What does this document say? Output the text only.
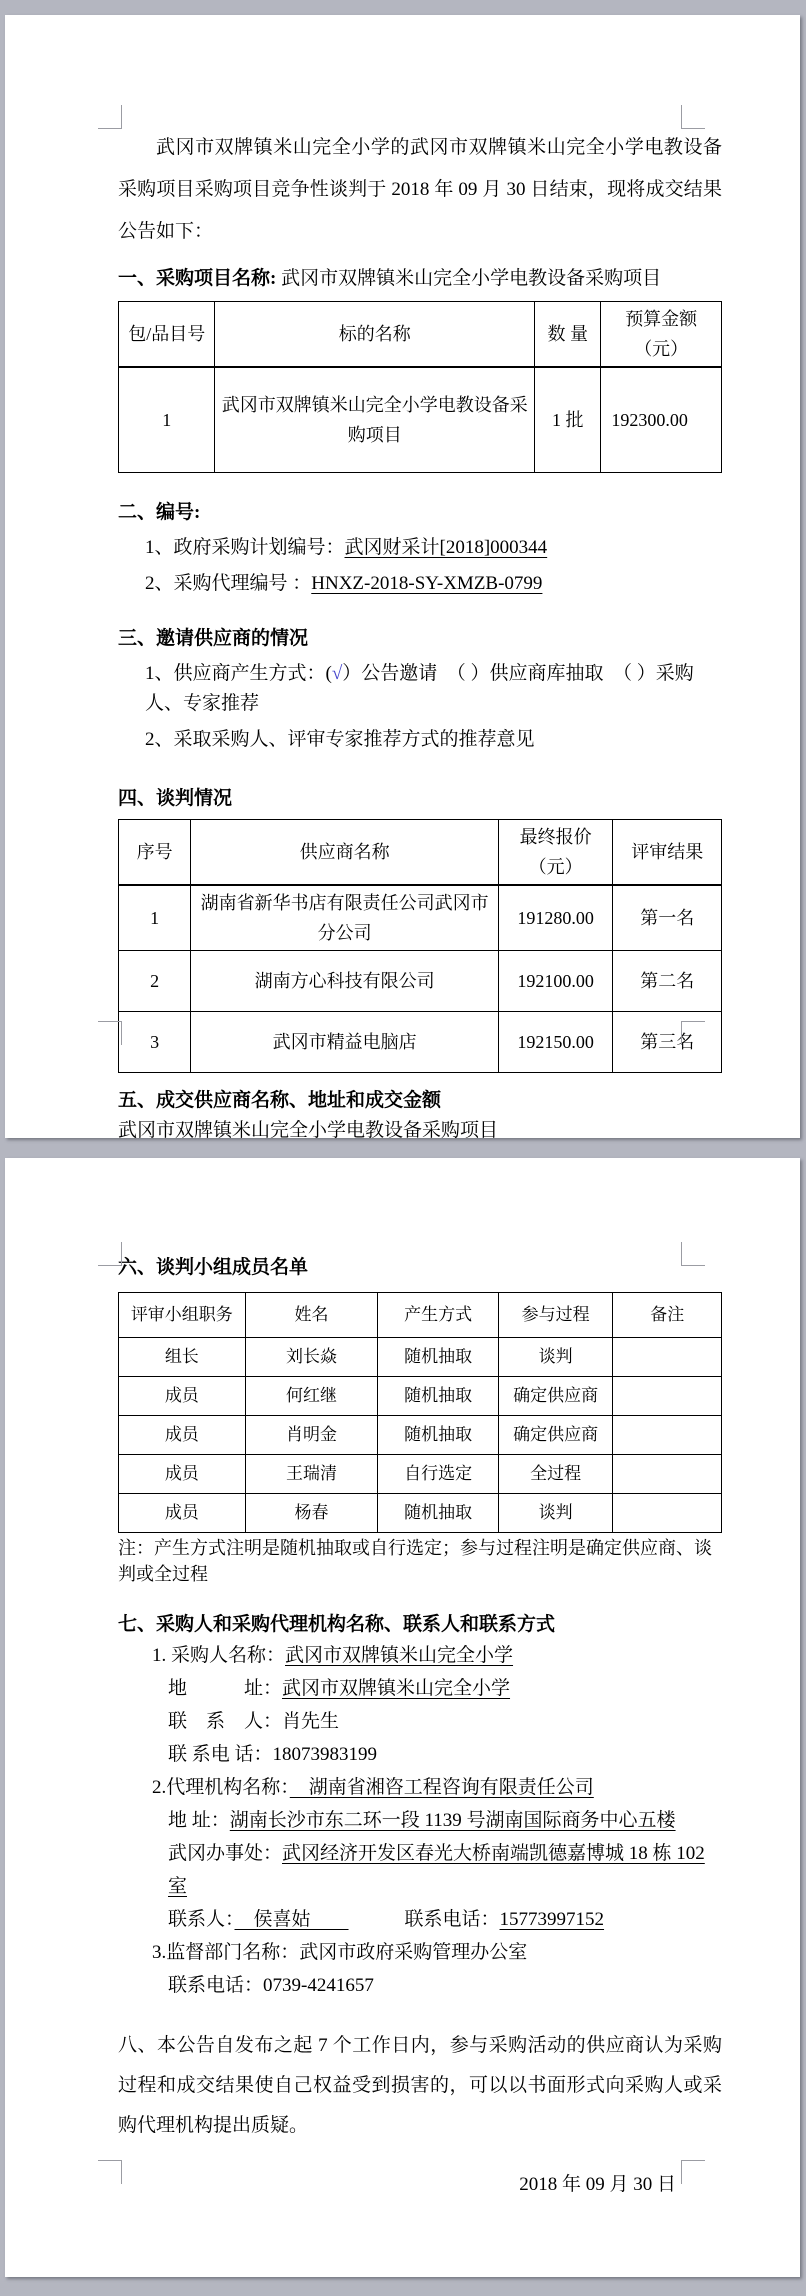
武冈市双牌镇米山完全小学的武冈市双牌镇米山完全小学电教设备采购项目采购项目竞争性谈判于 2018 年 09 月 30 日结束，现将成交结果公告如下：

一、采购项目名称: 武冈市双牌镇米山完全小学电教设备采购项目

包/品目号	标的名称	数 量	预算金额（元）
1	武冈市双牌镇米山完全小学电教设备采购项目	1 批	192300.00

二、编号:

1、政府采购计划编号：武冈财采计[2018]000344
2、采购代理编号 ：HNXZ-2018-SY-XMZB-0799

三、邀请供应商的情况

1、供应商产生方式：(√）公告邀请　（ ）供应商库抽取　（ ）采购人、专家推荐
2、采取采购人、评审专家推荐方式的推荐意见

四、谈判情况

序号	供应商名称	最终报价（元）	评审结果
1	湖南省新华书店有限责任公司武冈市分公司	191280.00	第一名
2	湖南方心科技有限公司	192100.00	第二名
3	武冈市精益电脑店	192150.00	第三名

五、成交供应商名称、地址和成交金额

武冈市双牌镇米山完全小学电教设备采购项目

六、谈判小组成员名单

评审小组职务	姓名	产生方式	参与过程	备注
组长	刘长焱	随机抽取	谈判	
成员	何红继	随机抽取	确定供应商	
成员	肖明金	随机抽取	确定供应商	
成员	王瑞清	自行选定	全过程	
成员	杨春	随机抽取	谈判	
注：产生方式注明是随机抽取或自行选定；参与过程注明是确定供应商、谈判或全过程

七、采购人和采购代理机构名称、联系人和联系方式

1. 采购人名称：武冈市双牌镇米山完全小学
地　　　址：武冈市双牌镇米山完全小学
联　系　人：肖先生
联 系电 话：18073983199
2.代理机构名称：　湖南省湘咨工程咨询有限责任公司
地 址：湖南长沙市东二环一段 1139 号湖南国际商务中心五楼
武冈办事处：武冈经济开发区春光大桥南端凯德嘉博城 18 栋 102 室
联系人：　侯喜姑　　	联系电话：15773997152
3.监督部门名称：武冈市政府采购管理办公室
联系电话：0739-4241657

八、本公告自发布之起 7 个工作日内，参与采购活动的供应商认为采购过程和成交结果使自己权益受到损害的，可以以书面形式向采购人或采购代理机构提出质疑。

2018 年 09 月 30 日
